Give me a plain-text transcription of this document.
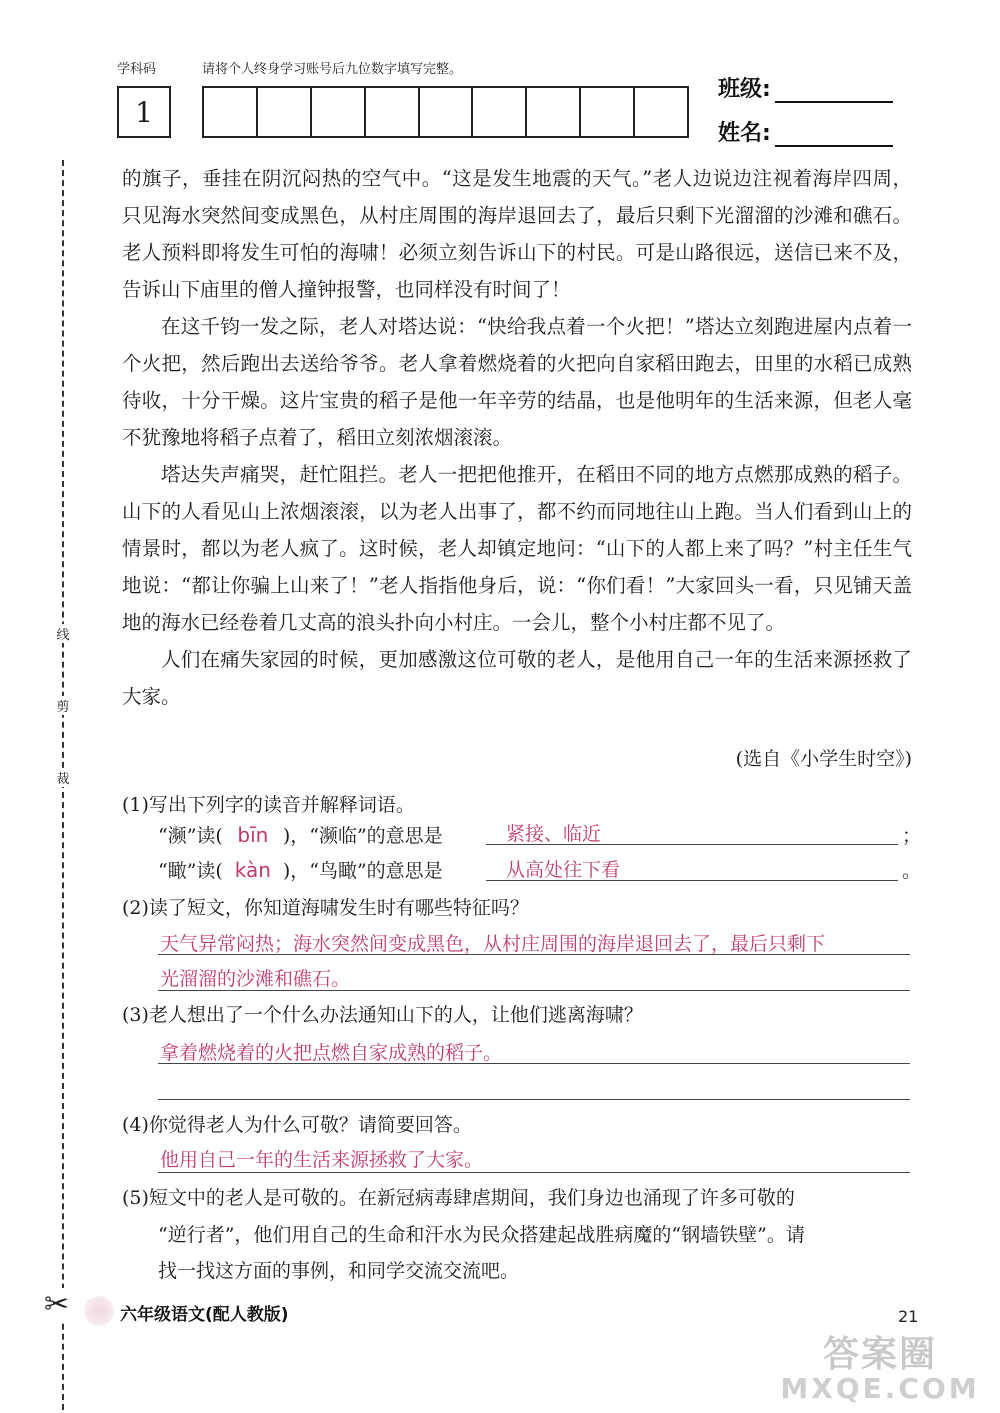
学科码	请将个人终身学习账号后九位数字填写完整。
1
班级:
姓名:
线
剪
裁
✂

的旗子，垂挂在阴沉闷热的空气中。“这是发生地震的天气。”老人边说边注视着海岸四周，只见海水突然间变成黑色，从村庄周围的海岸退回去了，最后只剩下光溜溜的沙滩和礁石。老人预料即将发生可怕的海啸！必须立刻告诉山下的村民。可是山路很远，送信已来不及，告诉山下庙里的僧人撞钟报警，也同样没有时间了！

在这千钧一发之际，老人对塔达说：“快给我点着一个火把！”塔达立刻跑进屋内点着一个火把，然后跑出去送给爷爷。老人拿着燃烧着的火把向自家稻田跑去，田里的水稻已成熟待收，十分干燥。这片宝贵的稻子是他一年辛劳的结晶，也是他明年的生活来源，但老人毫不犹豫地将稻子点着了，稻田立刻浓烟滚滚。

塔达失声痛哭，赶忙阻拦。老人一把把他推开，在稻田不同的地方点燃那成熟的稻子。山下的人看见山上浓烟滚滚，以为老人出事了，都不约而同地往山上跑。当人们看到山上的情景时，都以为老人疯了。这时候，老人却镇定地问：“山下的人都上来了吗？”村主任生气地说：“都让你骗上山来了！”老人指指他身后，说：“你们看！”大家回头一看，只见铺天盖地的海水已经卷着几丈高的浪头扑向小村庄。一会儿，整个小村庄都不见了。

人们在痛失家园的时候，更加感激这位可敬的老人，是他用自己一年的生活来源拯救了大家。

(选自《小学生时空》)
(1)写出下列字的读音并解释词语。
“濒”读( bīn )，“濒临”的意思是	紧接、临近	；
“瞰”读( kàn )，“鸟瞰”的意思是	从高处往下看	。
(2)读了短文，你知道海啸发生时有哪些特征吗？
天气异常闷热；海水突然间变成黑色，从村庄周围的海岸退回去了，最后只剩下
光溜溜的沙滩和礁石。
(3)老人想出了一个什么办法通知山下的人，让他们逃离海啸？
拿着燃烧着的火把点燃自家成熟的稻子。
(4)你觉得老人为什么可敬？请简要回答。
他用自己一年的生活来源拯救了大家。
(5)短文中的老人是可敬的。在新冠病毒肆虐期间，我们身边也涌现了许多可敬的
“逆行者”，他们用自己的生命和汗水为民众搭建起战胜病魔的“钢墙铁壁”。请
找一找这方面的事例，和同学交流交流吧。
六年级语文(配人教版)	21
答案圈
MXQE.COM
